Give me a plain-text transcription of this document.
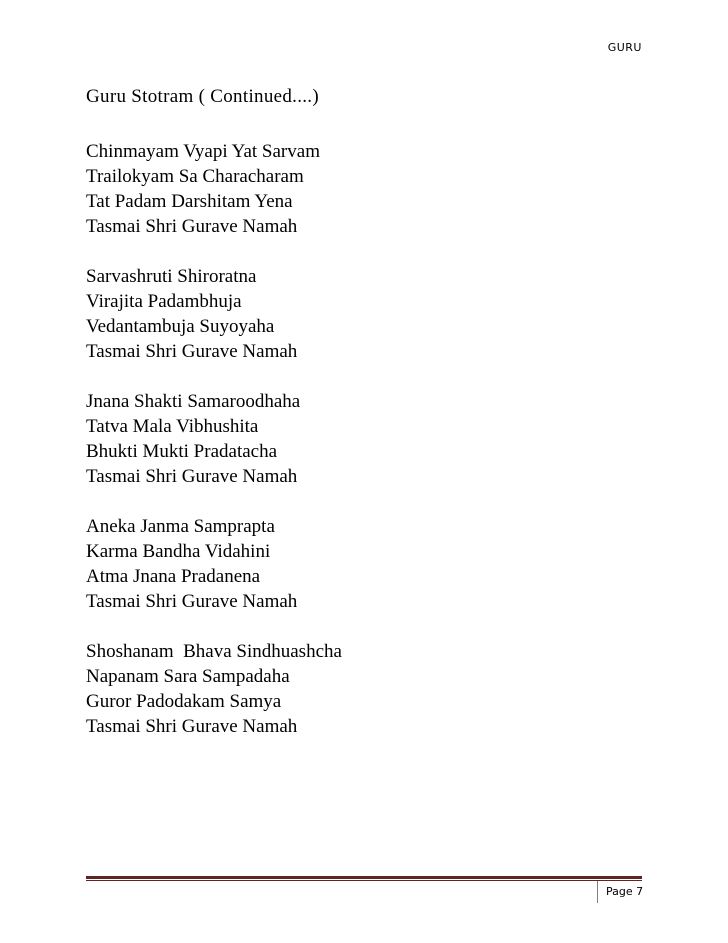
GURU
Guru Stotram ( Continued....)
Chinmayam Vyapi Yat Sarvam
Trailokyam Sa Characharam
Tat Padam Darshitam Yena
Tasmai Shri Gurave Namah
Sarvashruti Shiroratna
Virajita Padambhuja
Vedantambuja Suyoyaha
Tasmai Shri Gurave Namah
Jnana Shakti Samaroodhaha
Tatva Mala Vibhushita
Bhukti Mukti Pradatacha
Tasmai Shri Gurave Namah
Aneka Janma Samprapta
Karma Bandha Vidahini
Atma Jnana Pradanena
Tasmai Shri Gurave Namah
Shoshanam  Bhava Sindhuashcha
Napanam Sara Sampadaha
Guror Padodakam Samya
Tasmai Shri Gurave Namah
Page 7
